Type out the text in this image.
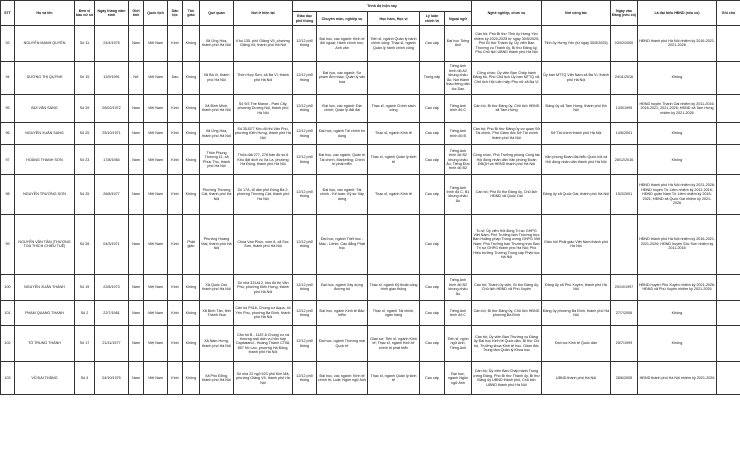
STT	Họ và tên	Đơn vị bầu cử số	Ngày tháng năm sinh	Giới tính	Quốc tịch	Dân tộc	Tôn giáo	Quê quán	Nơi ở hiện tại	Trình độ hiện nay					Nghề nghiệp, chức vụ	Nơi công tác	Ngày vào Đảng (nếu có)	Là đại biểu HĐND (nếu có)	Ghi chú
										Giáo dục phổ thông	Chuyên môn, nghiệp vụ	Học hàm, Học vị	Lý luận chính trị	Ngoại ngữ					
93	NGUYỄN MẠNH QUYỀN	Số 11	24/4/1975	Nam	Việt Nam	Kinh	Không	Xã Ứng Hòa, thành phố Hà Nội	Khu 135, phố Giảng Võ, phường Giảng Võ, thành phố Hà Nội	12/12 phổ thông	Đại học, các ngành: Kinh tế đối ngoại; Hành chính học; Anh văn	Tiến sĩ, ngành Quản lý hành chính công; Thạc sĩ, ngành Quản lý hành chính công	Cao cấp	Đại học Tiếng Anh	Cán bộ; Phó Bí thư Tỉnh ủy Hưng Yên nhiệm kỳ 2020-2025 từ ngày 30/5/2025; Phó Bí thư Thành ủy, Ủy viên Ban Thường vụ Thành ủy, Bí thư Đảng ủy, Phó Chủ tịch UBND thành phố Hà Nội	Tỉnh ủy Hưng Yên (từ ngày 30/5/2025)	03/02/2000	HĐND thành phố Hà Nội nhiệm kỳ 2016-2021, 2021-2026	
94	DƯƠNG THỊ QUỲNH	Số 15	12/9/1991	Nữ	Việt Nam	Dao	Không	Xã Ba Vì, thành phố Hà Nội	Thôn Hợp Sơn, xã Ba Vì, thành phố Hà Nội	12/12 phổ thông	Đại học, các ngành: Sư phạm Âm nhạc; Quản lý văn hóa		Trung cấp	Tiếng Anh trình độ A2 khung châu Âu; Nói thành thạo tiếng dân tộc Dao	Công chức; Ủy viên Ban Chấp hành Đảng bộ, Phó Chủ tịch Ủy ban MTTQ xã, Chủ tịch Hội Liên hiệp Phụ nữ xã Ba Vì	Ủy ban MTTQ Việt Nam xã Ba Vì, thành phố Hà Nội	24/11/2016	Không	
95	BÙI VĂN SÁNG	Số 29	05/02/1972	Nam	Việt Nam	Kinh	Không	Xã Bình Minh, thành phố Hà Nội	Số 9/3 The Manor - Park City, phường Dương Nội, thành phố Hà Nội	12/12 phổ thông	Đại học, các ngành: Địa chính; Quản lý đất đai	Thạc sĩ, ngành Chính sách công	Cao cấp	Tiếng Anh trình độ C	Cán bộ; Bí thư Đảng ủy, Chủ tịch HĐND xã Tam Hưng	Đảng ủy xã Tam Hưng, thành phố Hà Nội	13/5/1999	HĐND huyện Thanh Oai nhiệm kỳ 2011-2016; 2016-2021; 2021-2026; HĐND xã Tam Hưng nhiệm kỳ 2021-2026	
96	NGUYỄN XUÂN SANG	Số 25	25/10/1971	Nam	Việt Nam	Kinh	Không	Xã Ứng Hòa, thành phố Hà Nội	Số 35-B77 Khu đô thị Văn Phú, phường Kiến Hưng, thành phố Hà Nội	12/12 phổ thông	Đại học, ngành Tài chính tín dụng	Thạc sĩ, ngành Kinh tế	Cao cấp	Tiếng Anh trình độ B	Cán bộ; Phó Bí thư Đảng ủy cơ quan Sở Tài chính, Phó Giám đốc Sở Tài chính thành phố Hà Nội	Sở Tài chính thành phố Hà Nội	14/6/2001	Không	
97	HOÀNG THANH SƠN	Số 23	17/8/1984	Nam	Việt Nam	Kinh	Không	Thôn Phụng Thượng 11, xã Phúc Thọ, thành phố Hà Nội	Thửa đất 277, 278 bản đồ số 6 Khu đất dịch vụ Xa La, phường Hà Đông, thành phố Hà Nội	12/12 phổ thông	Đại học, các ngành: Quản trị Tài chính, Marketing; Chính trị phát triển	Thạc sĩ, ngành Quản lý kinh tế	Cao cấp	Tiếng Anh trình độ B2 khung châu Âu; Tiếng Đức trình độ B2	Công chức, Phó Trưởng phòng Công tác Hội đồng nhân dân Văn phòng Đoàn ĐBQH và HĐND thành phố Hà Nội	Văn phòng Đoàn đại biểu Quốc hội và Hội đồng nhân dân thành phố Hà Nội	28/12/2016	Không	
98	NGUYỄN TRƯỜNG SƠN	Số 25	26/8/1977	Nam	Việt Nam	Kinh	Không	Phường Thượng Cát, thành phố Hà Nội	Số 17A, tổ dân phố Đông Ba 2, phường Thượng Cát, thành phố Hà Nội	12/12 phổ thông	Đại học, các ngành: Tài chính - Kế toán; Kỹ sư Xây dựng	Thạc sĩ, ngành Kinh tế	Cao cấp	Tiếng Anh trình độ C, B1 khung châu Âu	Cán bộ; Phó Bí thư Đảng ủy, Chủ tịch HĐND xã Quốc Oai	Đảng ủy xã Quốc Oai, thành phố Hà Nội	15/3/2001	HĐND thành phố Hà Nội nhiệm kỳ 2021-2026; HĐND huyện Từ Liêm nhiệm kỳ 2011-2016; HĐND quận Nam Từ Liêm nhiệm kỳ 2016-2021; HĐND xã Quốc Oai nhiệm kỳ 2021-2026	
99	NGUYỄN VĂN TÂM (THƯỢNG TỌA THÍCH CHIẾU TUỆ)	Số 28	04/3/1971	Nam	Việt Nam	Kinh	Phật giáo	Phường Hoàng Mai, thành phố Hà Nội	Chùa Vạn Phúc, xóm 6, xã Sóc Sơn, thành phố Hà Nội	12/12 phổ thông	Đại học, ngành Triết học - Mác - Lênin; Cao đẳng Phật học		Cao cấp		Tu sĩ; Ủy viên Hội đồng Trị sự GHPG Việt Nam; Phó Trưởng ban Thường trực Ban Hoằng pháp Trung ương GHPG Việt Nam; Phó Trưởng ban Thường trực Ban Trị sự GHPG thành phố Hà Nội; Phó Hiệu trưởng Trường Trung cấp Phật học Hà Nội	Giáo hội Phật giáo Việt Nam thành phố Hà Nội		HĐND thành phố Hà Nội nhiệm kỳ 2016-2021, 2021-2026; HĐND huyện Sóc Sơn nhiệm kỳ 2011-2016	
100	NGUYỄN XUÂN THÀNH	Số 19	22/8/1973	Nam	Việt Nam	Kinh	Không	Xã Quốc Oai, thành phố Hà Nội	Số nhà 331A12, khu đô thị Văn Phú, phường Kiến Hưng, thành phố Hà Nội	12/12 phổ thông	Đại học, ngành Xây dựng đường bộ	Thạc sĩ, ngành Kỹ thuật công trình giao thông	Cao cấp	Tiếng Anh trình độ B2 khung châu Âu	Cán bộ; Thành ủy viên, Bí thư Đảng ủy, Chủ tịch HĐND xã Phú Xuyên	Đảng ủy xã Phú Xuyên, thành phố Hà Nội	20/10/1997	HĐND huyện Phú Xuyên nhiệm kỳ 2021-2026; HĐND xã Phú Xuyên nhiệm kỳ 2021-2026	
101	PHẠM QUANG THANH	Số 2	22/7/1981	Nam	Việt Nam	Kinh	Không	Xã Bình Tân, tỉnh Thanh Hóa	Căn hộ P416, Chung cư Aqua, 44 Yên Phụ, phường Ba Đình, thành phố Hà Nội	12/12 phổ thông	Đại học, ngành Kinh tế Bảo hiểm	Thạc sĩ, ngành Tài chính, ngân hàng	Cao cấp	Tiếng Anh trình độ C	Cán bộ; Bí thư Đảng ủy, Chủ tịch HĐND phường Ba Đình	Đảng ủy phường Ba Đình, thành phố Hà Nội	27/7/2006	Không	
102	TÔ TRUNG THÀNH	Số 17	21/11/1977	Nam	Việt Nam	Kinh	Không	Xã Nam Hưng, thành phố Hà Nội	Căn hộ B - 1187-6 Chung cư và thương mại dịch vụ hỗn hợp Capitaland - Hoàng Thành CT08, 557 Hồ Lao, phường Hà Đông, thành phố Hà Nội	12/12 phổ thông	Đại học, ngành Thương mại Quốc tế	Giáo sư; Tiến sĩ, ngành Kinh tế; Thạc sĩ, ngành Kinh tế chính trị phát triển	Cao cấp	Tiến sĩ, ngôn ngữ Anh; Tiếng Anh	Cán bộ; Ủy viên Ban Thường vụ Đảng ủy Đại học Kinh tế Quốc dân, Bí thư Chi bộ, Trưởng khoa Kinh tế học, Giám đốc Trung tâm Quản lý Khoa học	Đại học Kinh tế Quốc dân	25/7/1999	Không	
103	VŨ ĐẠI THẮNG	Số 4	04/10/1975	Nam	Việt Nam	Kinh	Không	Xã Phù Đổng, thành phố Hà Nội	Số nhà 22 ngõ 523 phố Kim Mã, phường Giảng Võ, thành phố Hà Nội	12/12 phổ thông	Đại học, các ngành: Kinh tế chính trị; Luật; Ngôn ngữ Anh	Thạc sĩ, ngành Quản lý kinh tế	Cao cấp	Đại học, ngành Ngôn ngữ Anh	Cán bộ; Ủy viên Ban Chấp hành Trung ương Đảng, Phó Bí thư Thành ủy, Bí thư Đảng ủy UBND thành phố, Chủ tịch UBND thành phố Hà Nội	UBND thành phố Hà Nội	28/6/2005	HĐND thành phố Hà Nội nhiệm kỳ 2021-2026	
